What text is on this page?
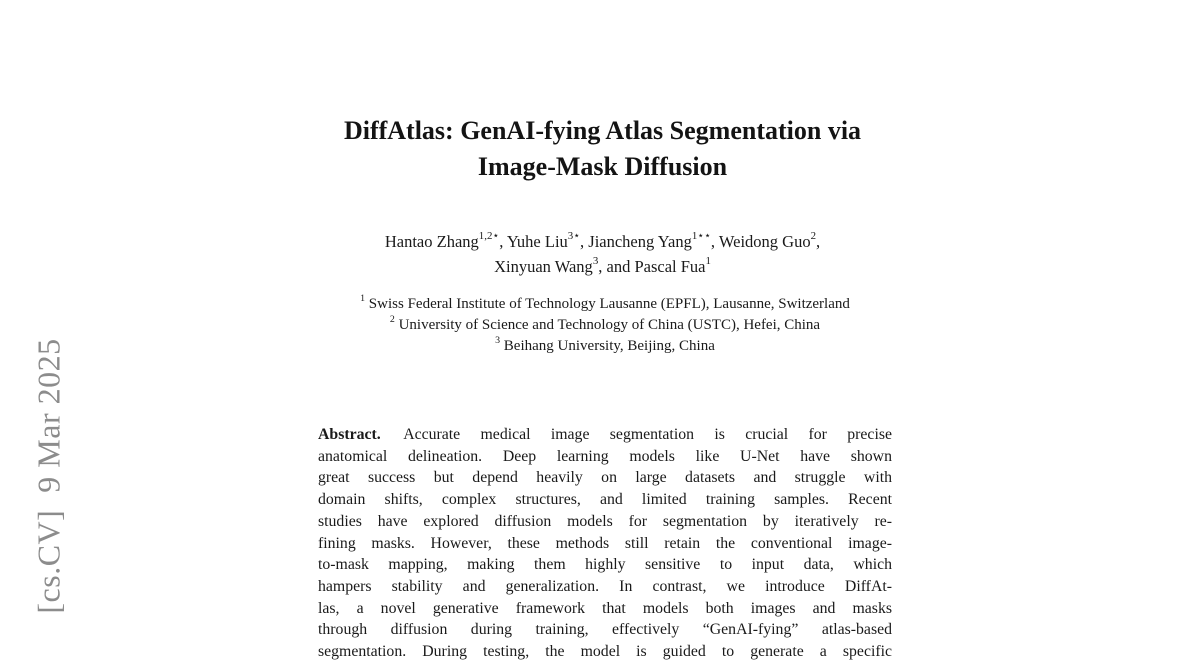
[cs.CV]  9 Mar 2025
DiffAtlas: GenAI-fying Atlas Segmentation via
Image-Mask Diffusion
Hantao Zhang$^{1,2⋆}$, Yuhe Liu$^{3⋆}$, Jiancheng Yang$^{1⋆⋆}$, Weidong Guo$^2$,
Xinyuan Wang$^3$, and Pascal Fua$^1$
$^1$ Swiss Federal Institute of Technology Lausanne (EPFL), Lausanne, Switzerland
$^2$ University of Science and Technology of China (USTC), Hefei, China
$^3$ Beihang University, Beijing, China
Abstract. Accurate medical image segmentation is crucial for precise
anatomical delineation. Deep learning models like U-Net have shown
great success but depend heavily on large datasets and struggle with
domain shifts, complex structures, and limited training samples. Recent
studies have explored diffusion models for segmentation by iteratively re-
fining masks. However, these methods still retain the conventional image-
to-mask mapping, making them highly sensitive to input data, which
hampers stability and generalization. In contrast, we introduce DiffAt-
las, a novel generative framework that models both images and masks
through diffusion during training, effectively “GenAI-fying” atlas-based
segmentation. During testing, the model is guided to generate a specific
